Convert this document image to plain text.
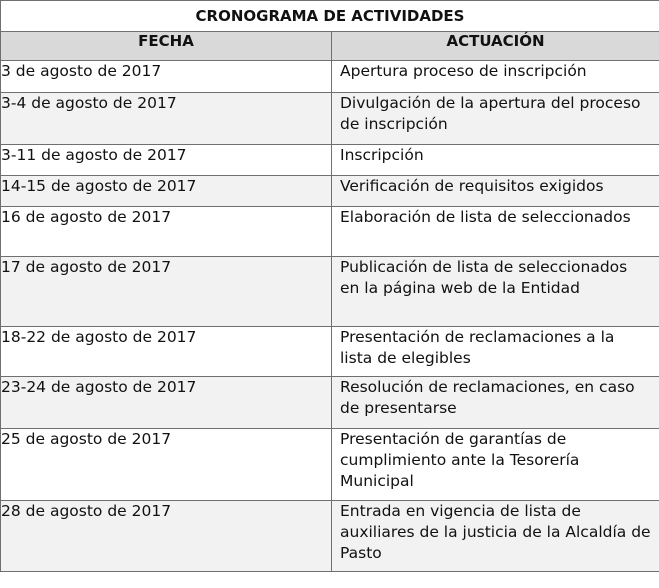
CRONOGRAMA DE ACTIVIDADES	
FECHA	ACTUACIÓN
3 de agosto de 2017	Apertura proceso de inscripción
3-4 de agosto de 2017	Divulgación de la apertura del proceso de inscripción
3-11 de agosto de 2017	Inscripción
14-15 de agosto de 2017	Verificación de requisitos exigidos
16 de agosto de 2017	Elaboración de lista de seleccionados
17 de agosto de 2017	Publicación de lista de seleccionados en la página web de la Entidad
18-22 de agosto de 2017	Presentación de reclamaciones a la lista de elegibles
23-24 de agosto de 2017	Resolución de reclamaciones, en caso de presentarse
25 de agosto de 2017	Presentación de garantías de cumplimiento ante la Tesorería Municipal
28 de agosto de 2017	Entrada en vigencia de lista de auxiliares de la justicia de la Alcaldía de Pasto
